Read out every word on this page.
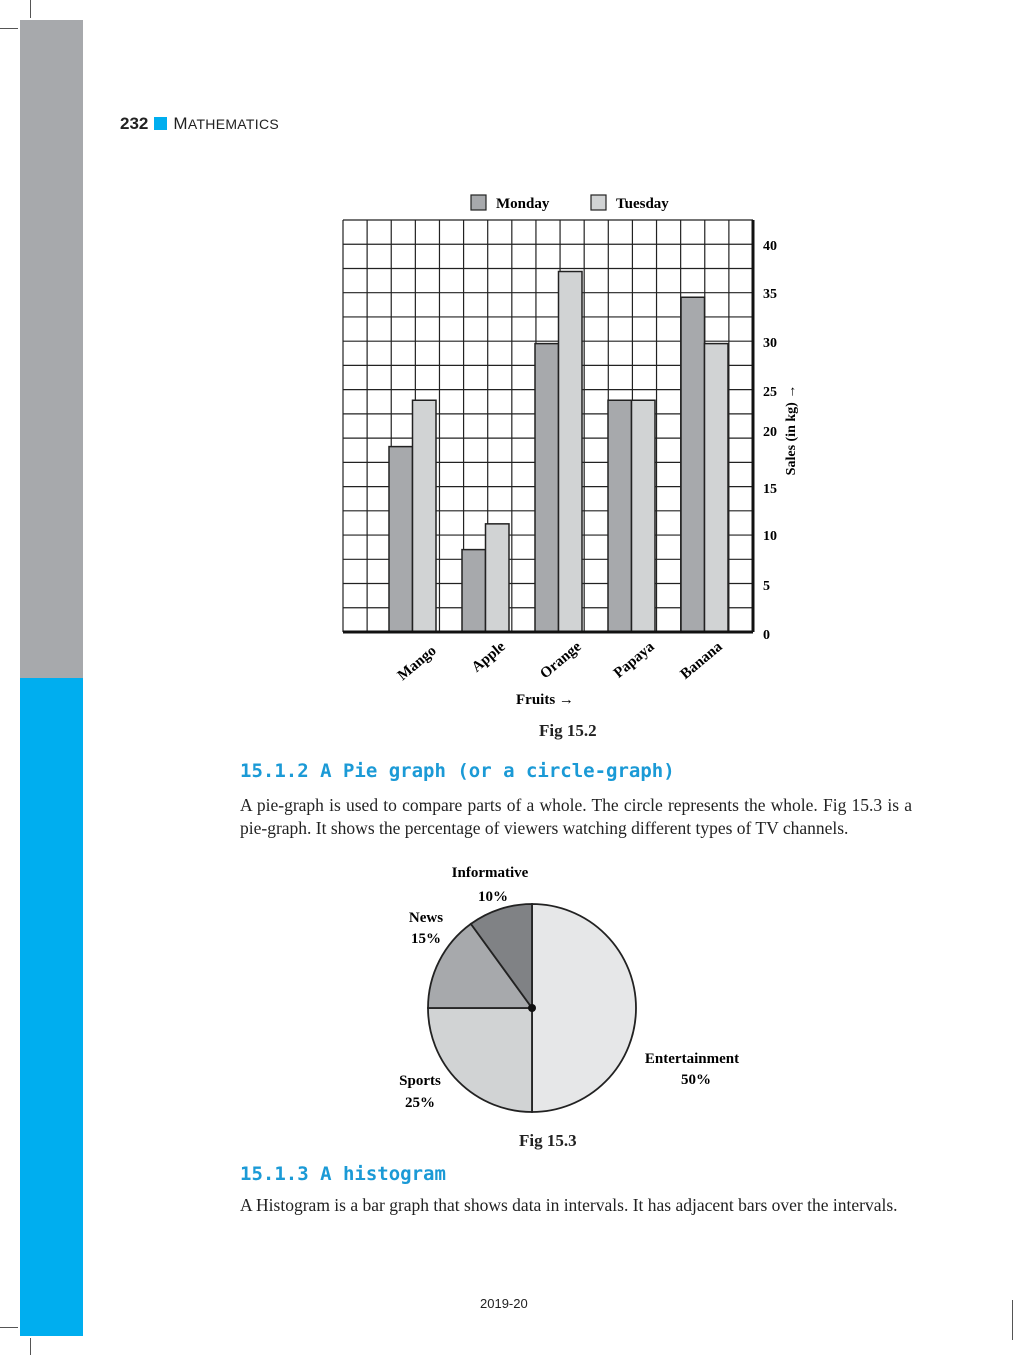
232 MATHEMATICS
Monday	Tuesday
0
5
10
15
20
25
30
35
40
Mango Apple Orange Papaya Banana
Sales (in kg) →
Fruits →
Fig 15.2
15.1.2 A Pie graph (or a circle-graph)
A pie-graph is used to compare parts of a whole. The circle represents the whole. Fig 15.3 is a pie-graph. It shows the percentage of viewers watching different types of TV channels.
Informative
10%
News
15%
Entertainment
50%
Sports
25%
Fig 15.3
15.1.3 A histogram
A Histogram is a bar graph that shows data in intervals. It has adjacent bars over the intervals.
2019-20
